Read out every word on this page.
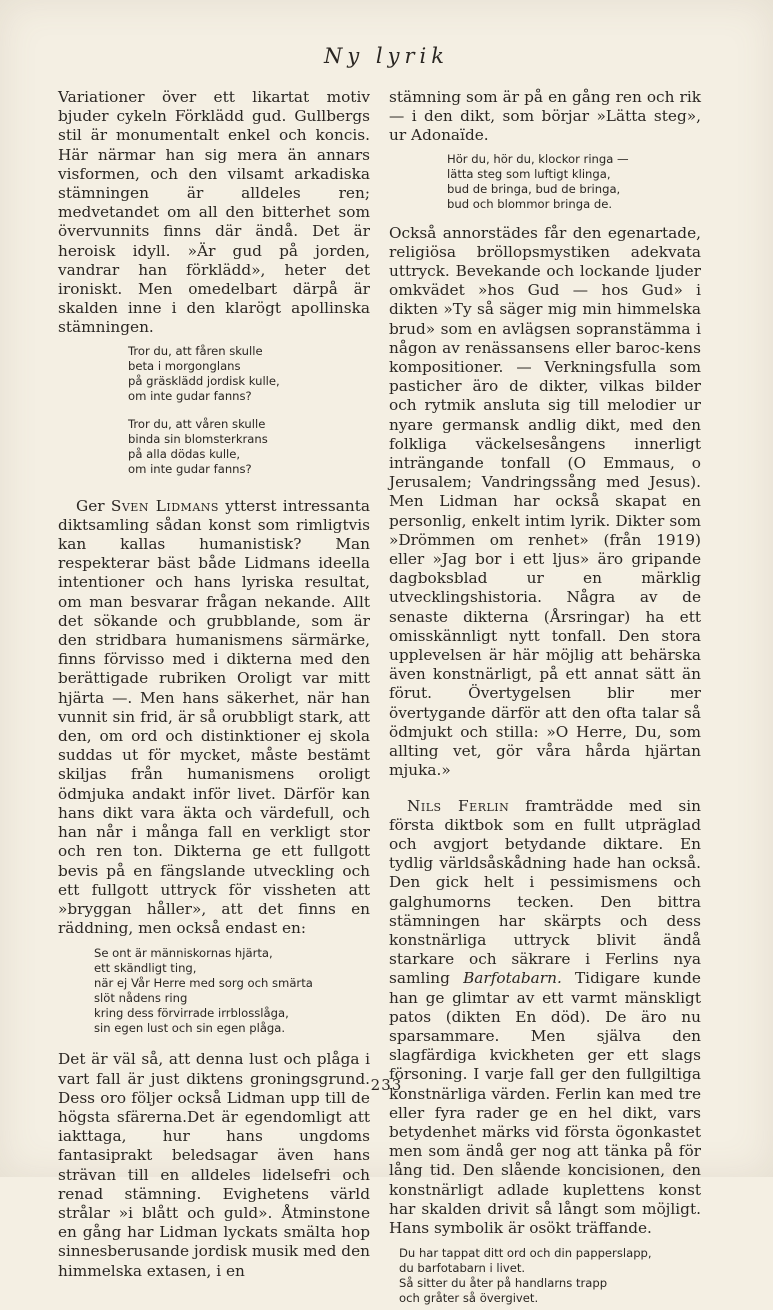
Ny lyrik

Variationer över ett likartat motiv bjuder cykeln Förklädd gud. Gullbergs stil är monumentalt enkel och koncis. Här närmar han sig mera än annars visformen, och den vilsamt arkadiska stämningen är alldeles ren; medvetandet om all den bitterhet som övervunnits finns där ändå. Det är heroisk idyll. »Är gud på jorden, vandrar han förklädd», heter det ironiskt. Men omedelbart därpå är skalden inne i den klarögt apollinska stämningen.

Tror du, att fåren skulle
beta i morgonglans
på gräsklädd jordisk kulle,
om inte gudar fanns?
Tror du, att våren skulle
binda sin blomsterkrans
på alla dödas kulle,
om inte gudar fanns?

Ger Sven Lidmans ytterst intressanta diktsamling sådan konst som rimligtvis kan kallas humanistisk? Man respekterar bäst både Lidmans ideella intentioner och hans lyriska resultat, om man besvarar frågan nekande. Allt det sökande och grubblande, som är den stridbara humanismens särmärke, finns förvisso med i dikterna med den berättigade rubriken Oroligt var mitt hjärta —. Men hans säkerhet, när han vunnit sin frid, är så orubbligt stark, att den, om ord och distinktioner ej skola suddas ut för mycket, måste bestämt skiljas från humanismens oroligt ödmjuka andakt inför livet. Därför kan hans dikt vara äkta och värdefull, och han når i många fall en verkligt stor och ren ton. Dikterna ge ett fullgott bevis på en fängslande utveckling och ett fullgott uttryck för vissheten att »bryggan håller», att det finns en räddning, men också endast en:

Se ont är människornas hjärta,
ett skändligt ting,
när ej Vår Herre med sorg och smärta
slöt nådens ring
kring dess förvirrade irrblosslåga,
sin egen lust och sin egen plåga.

Det är väl så, att denna lust och plåga i vart fall är just diktens groningsgrund. Dess oro följer också Lidman upp till de högsta sfärerna.Det är egendomligt att iakttaga, hur hans ungdoms fantasiprakt beledsagar även hans strävan till en alldeles lidelsefri och renad stämning. Evighetens värld strålar »i blått och guld». Åtminstone en gång har Lidman lyckats smälta hop sinnesberusande jordisk musik med den himmelska extasen, i en

stämning som är på en gång ren och rik — i den dikt, som börjar »Lätta steg», ur Adonaïde.

Hör du, hör du, klockor ringa —
lätta steg som luftigt klinga,
bud de bringa, bud de bringa,
bud och blommor bringa de.

Också annorstädes får den egenartade, religiösa bröllopsmystiken adekvata uttryck. Bevekande och lockande ljuder omkvädet »hos Gud — hos Gud» i dikten »Ty så säger mig min himmelska brud» som en avlägsen sopranstämma i någon av renässansens eller baroc-kens kompositioner. — Verkningsfulla som pasticher äro de dikter, vilkas bilder och rytmik ansluta sig till melodier ur nyare germansk andlig dikt, med den folkliga väckelsesångens innerligt inträngande tonfall (O Emmaus, o Jerusalem; Vandringssång med Jesus). Men Lidman har också skapat en personlig, enkelt intim lyrik. Dikter som »Drömmen om renhet» (från 1919) eller »Jag bor i ett ljus» äro gripande dagboksblad ur en märklig utvecklingshistoria. Några av de senaste dikterna (Årsringar) ha ett omisskännligt nytt tonfall. Den stora upplevelsen är här möjlig att behärska även konstnärligt, på ett annat sätt än förut. Övertygelsen blir mer övertygande därför att den ofta talar så ödmjukt och stilla: »O Herre, Du, som allting vet, gör våra hårda hjärtan mjuka.»

Nils Ferlin framträdde med sin första diktbok som en fullt utpräglad och avgjort betydande diktare. En tydlig världsåskådning hade han också. Den gick helt i pessimismens och galghumorns tecken. Den bittra stämningen har skärpts och dess konstnärliga uttryck blivit ändå starkare och säkrare i Ferlins nya samling Barfotabarn. Tidigare kunde han ge glimtar av ett varmt mänskligt patos (dikten En död). De äro nu sparsammare. Men själva den slagfärdiga kvickheten ger ett slags försoning. I varje fall ger den fullgiltiga konstnärliga värden. Ferlin kan med tre eller fyra rader ge en hel dikt, vars betydenhet märks vid första ögonkastet men som ändå ger nog att tänka på för lång tid. Den slående koncisionen, den konstnärligt adlade kuplettens konst har skalden drivit så långt som möjligt. Hans symbolik är osökt träffande.

Du har tappat ditt ord och din papperslapp,
du barfotabarn i livet.
Så sitter du åter på handlarns trapp
och gråter så övergivet.
233
